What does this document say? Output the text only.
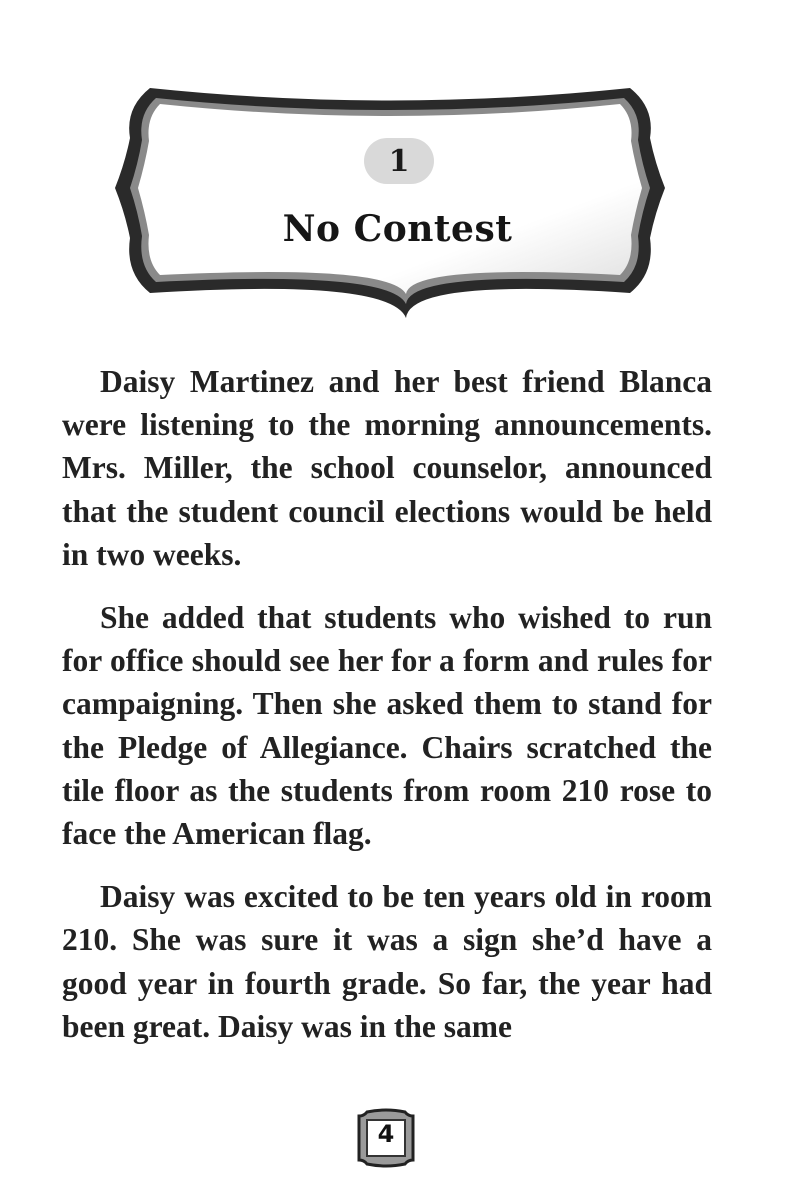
1
No Contest

Daisy Martinez and her best friend Blanca were listening to the morning announcements. Mrs. Miller, the school counselor, announced that the student council elections would be held in two weeks.

She added that students who wished to run for office should see her for a form and rules for campaigning. Then she asked them to stand for the Pledge of Allegiance. Chairs scratched the tile floor as the students from room 210 rose to face the American flag.

Daisy was excited to be ten years old in room 210. She was sure it was a sign she’d have a good year in fourth grade. So far, the year had been great. Daisy was in the same

4
